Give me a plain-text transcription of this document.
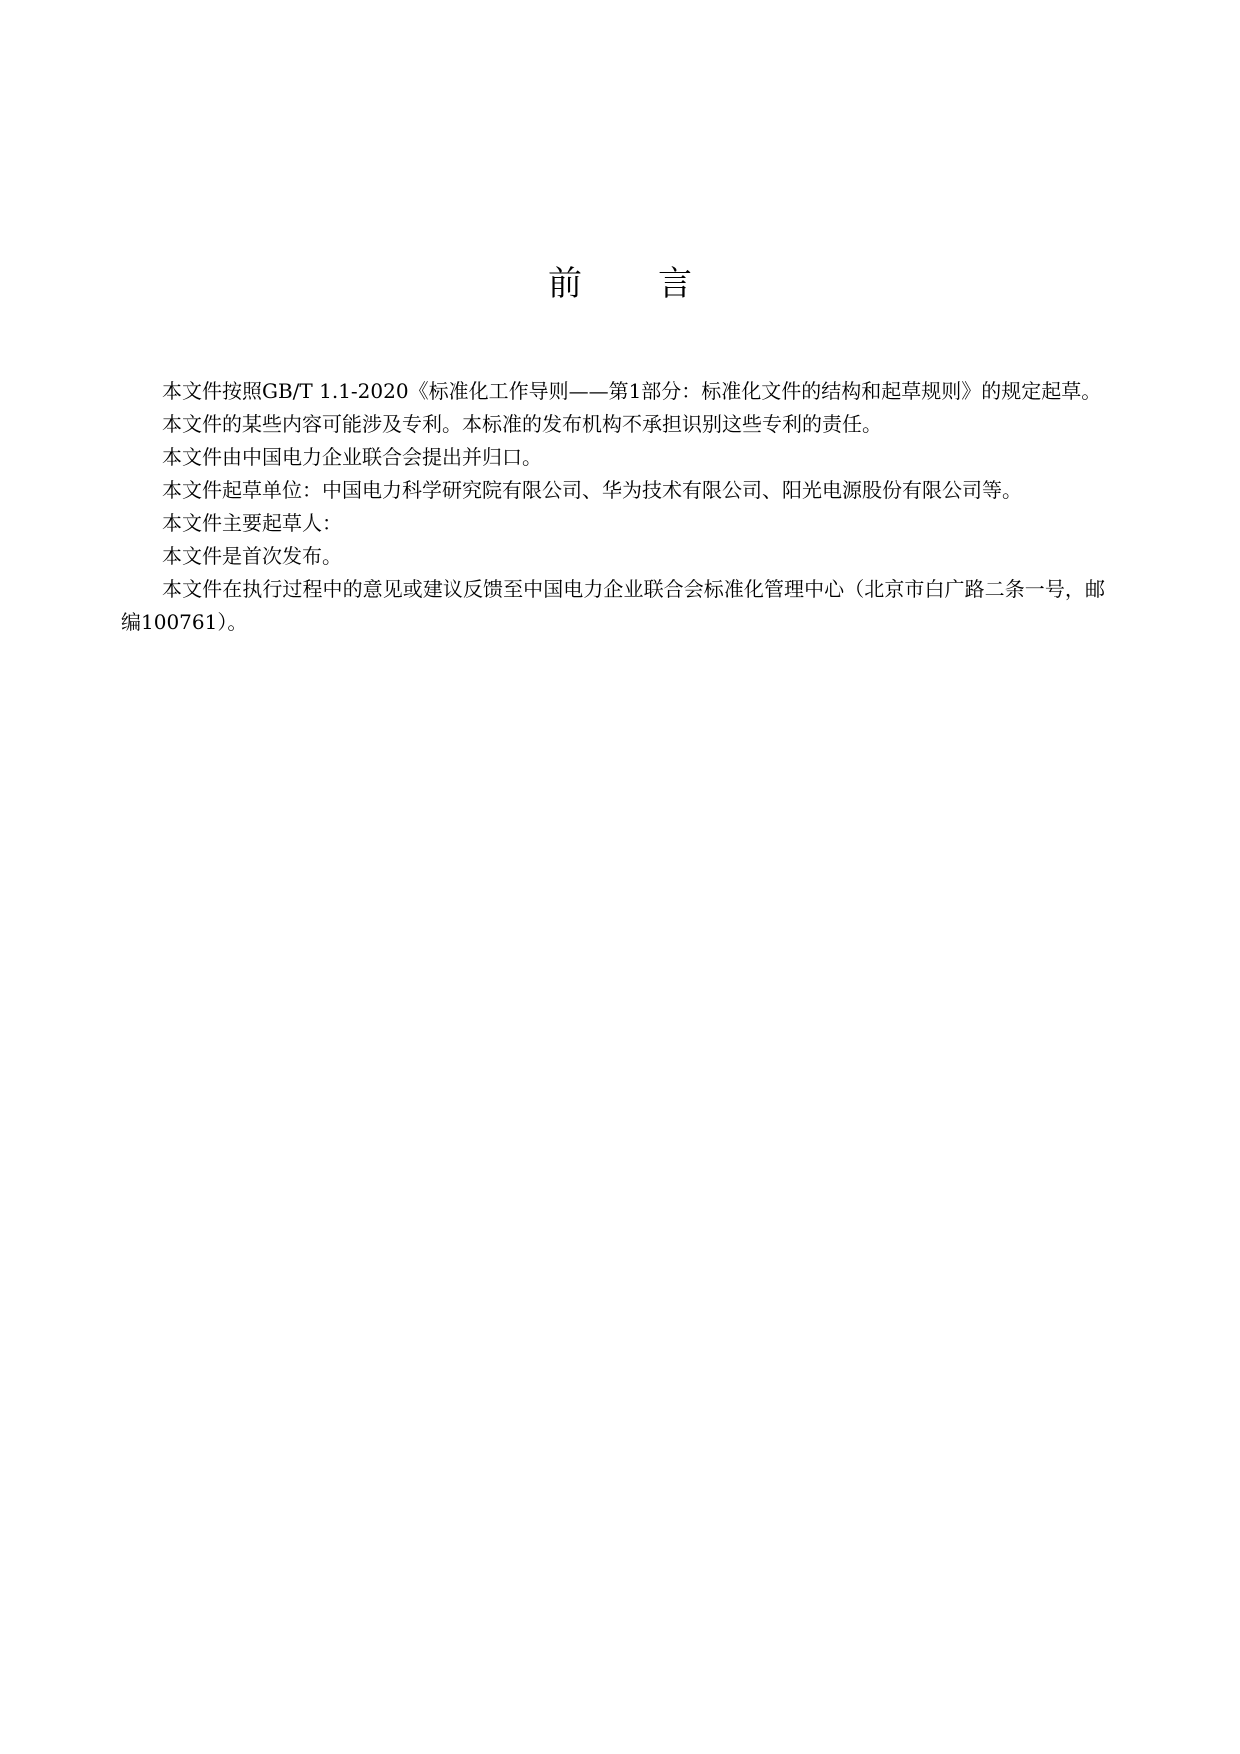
前言

本文件按照GB/T 1.1-2020《标准化工作导则——第1部分：标准化文件的结构和起草规则》的规定起草。

本文件的某些内容可能涉及专利。本标准的发布机构不承担识别这些专利的责任。

本文件由中国电力企业联合会提出并归口。

本文件起草单位：中国电力科学研究院有限公司、华为技术有限公司、阳光电源股份有限公司等。

本文件主要起草人：

本文件是首次发布。

本文件在执行过程中的意见或建议反馈至中国电力企业联合会标准化管理中心（北京市白广路二条一号，邮编100761）。
